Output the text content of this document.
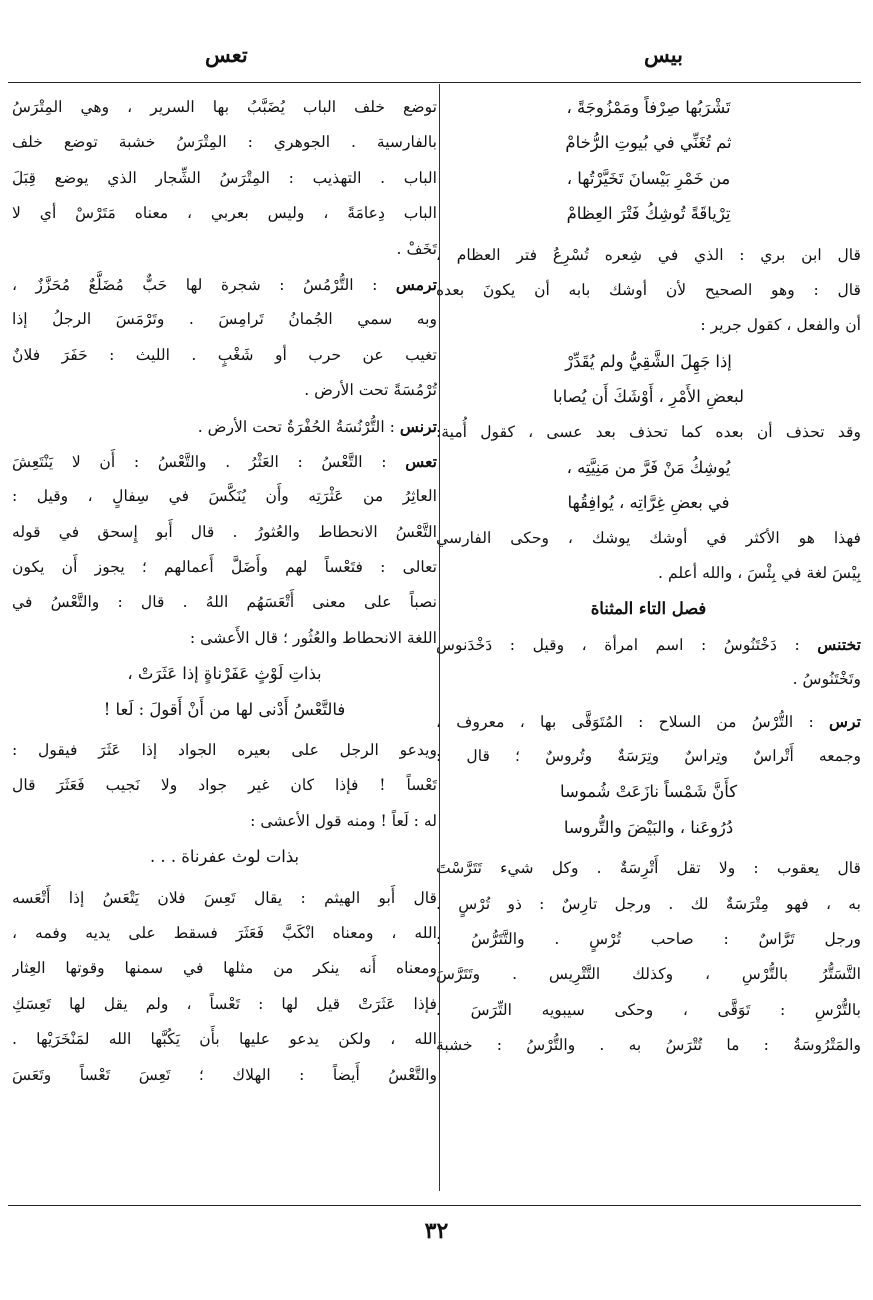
بيس
تعس
تَشْرَبُها صِرْفاً ومَمْزُوجَةً ،
ثم تُغَنِّي في بُيوتِ الرُّخامْ
من خَمْرِ بَيْسانَ تَخَيَّرْتُها ،
تِرْياقَةً تُوشِكُ فَتْرَ العِظامْ
قال ابن بري : الذي في شِعره تُسْرِعُ فتر العظام ،
قال : وهو الصحيح لأن أوشك بابه أن يكونَ بعده
أن والفعل ، كقول جرير :
إذا جَهِلَ الشَّقِيُّ ولم يُقَدِّرْ
لبعضِ الأَمْرِ ، أَوْشَكَ أَن يُصابا
وقد تحذف أن بعده كما تحذف بعد عسى ، كقول أُمية:
يُوشِكُ مَنْ فَرَّ من مَنِيَّتِه ،
في بعضِ غِرَّاتِه ، يُوافِقُها
فهذا هو الأكثر في أوشك يوشك ، وحكى الفارسي
بِيْسَ لغة في بِئْسَ ، والله أعلم .
فصل التاء المثناة
تختنس : دَخْتَنُوسُ : اسم امرأة ، وقيل : دَخْدَنوس
وتَخْتَنُوسُ .
ترس : التُّرْسُ من السلاح : المُتَوَقَّى بها ، معروف ،
وجمعه أَتْراسٌ وتِراسٌ وتِرَسَةٌ وتُروسٌ ؛ قال :
كأَنَّ شَمْساً نازَعَتْ شُموسا
دُرُوعَنا ، والبَيْضَ والتُّروسا
قال يعقوب : ولا تقل أَتْرِسَةٌ . وكل شيء تَتَرَّسْتَ
به ، فهو مِتْرَسَةٌ لك . ورجل تارِسٌ : ذو تُرْسٍ .
ورجل تَرَّاسٌ : صاحب تُرْسٍ . والتَّتَرُّسُ :
التَّسَتُّرُ بالتُّرْسِ ، وكذلك التَّتْرِيس . وتَتَرَّسَ
بالتُّرْسِ : تَوَقَّى ، وحكى سيبويه التِّرَسَ .
والمَتْرُوسَةُ : ما تُتْرَسُ به . والتُّرْسُ : خشبة
توضع خلف الباب يُضَبَّبُ بها السرير ، وهي المِتْرَسُ
بالفارسية . الجوهري : المِتْرَسُ خشبة توضع خلف
الباب . التهذيب : المِتْرَسُ الشِّجار الذي يوضع قِبَلَ
الباب دِعامَةً ، وليس بعربي ، معناه مَتَرْسْ أي لا
تَخَفْ .
ترمس : التُّرْمُسُ : شجرة لها حَبٌّ مُضَلَّعٌ مُحَزَّزٌ ،
وبه سمي الجُمانُ تَرامِسَ . وتَرْمَسَ الرجلُ إذا
تغيب عن حرب أو شَغْبٍ . الليث : حَفَرَ فلانٌ
تُرْمُسَةً تحت الأرض .
ترنس : التُّرْنُسَةُ الحُفْرَةُ تحت الأرض .
تعس : التَّعْسُ : العَثْرُ . والتَّعْسُ : أَن لا يَنْتَعِشَ
العاثِرُ من عَثْرَتِه وأَن يُنَكَّسَ في سِفالٍ ، وقيل :
التَّعْسُ الانحطاط والعُثورُ . قال أَبو إِسحق في قوله
تعالى : فتَعْساً لهم وأَضَلَّ أَعمالهم ؛ يجوز أَن يكون
نصباً على معنى أَتْعَسَهُم اللهُ . قال : والتَّعْسُ في
اللغة الانحطاط والعُثُور ؛ قال الأَعشى :
بذاتِ لَوْثٍ عَفَرْناةٍ إذا عَثَرَتْ ،
فالتَّعْسُ أَدْنى لها من أَنْ أَقولَ : لَعا !
ويدعو الرجل على بعيره الجواد إذا عَثَرَ فيقول :
تَعْساً ! فإذا كان غير جواد ولا نَجيب فَعَثَرَ قال
له : لَعاً ! ومنه قول الأعشى :
بذات لوث عفرناة . . .
قال أَبو الهيثم : يقال تَعِسَ فلان يَتْعَسُ إذا أَتْعَسه
الله ، ومعناه انْكَبَّ فَعَثَرَ فسقط على يديه وفمه ،
ومعناه أَنه ينكر من مثلها في سمنها وقوتها العِثار
فإذا عَثَرَتْ قيل لها : تَعْساً ، ولم يقل لها تَعِسَكِ
الله ، ولكن يدعو عليها بأَن يَكُبَّها الله لمَنْخَرَيْها .
والتَّعْسُ أَيضاً : الهلاك ؛ تَعِسَ تَعْساً وتَعَسَ
٣٢
